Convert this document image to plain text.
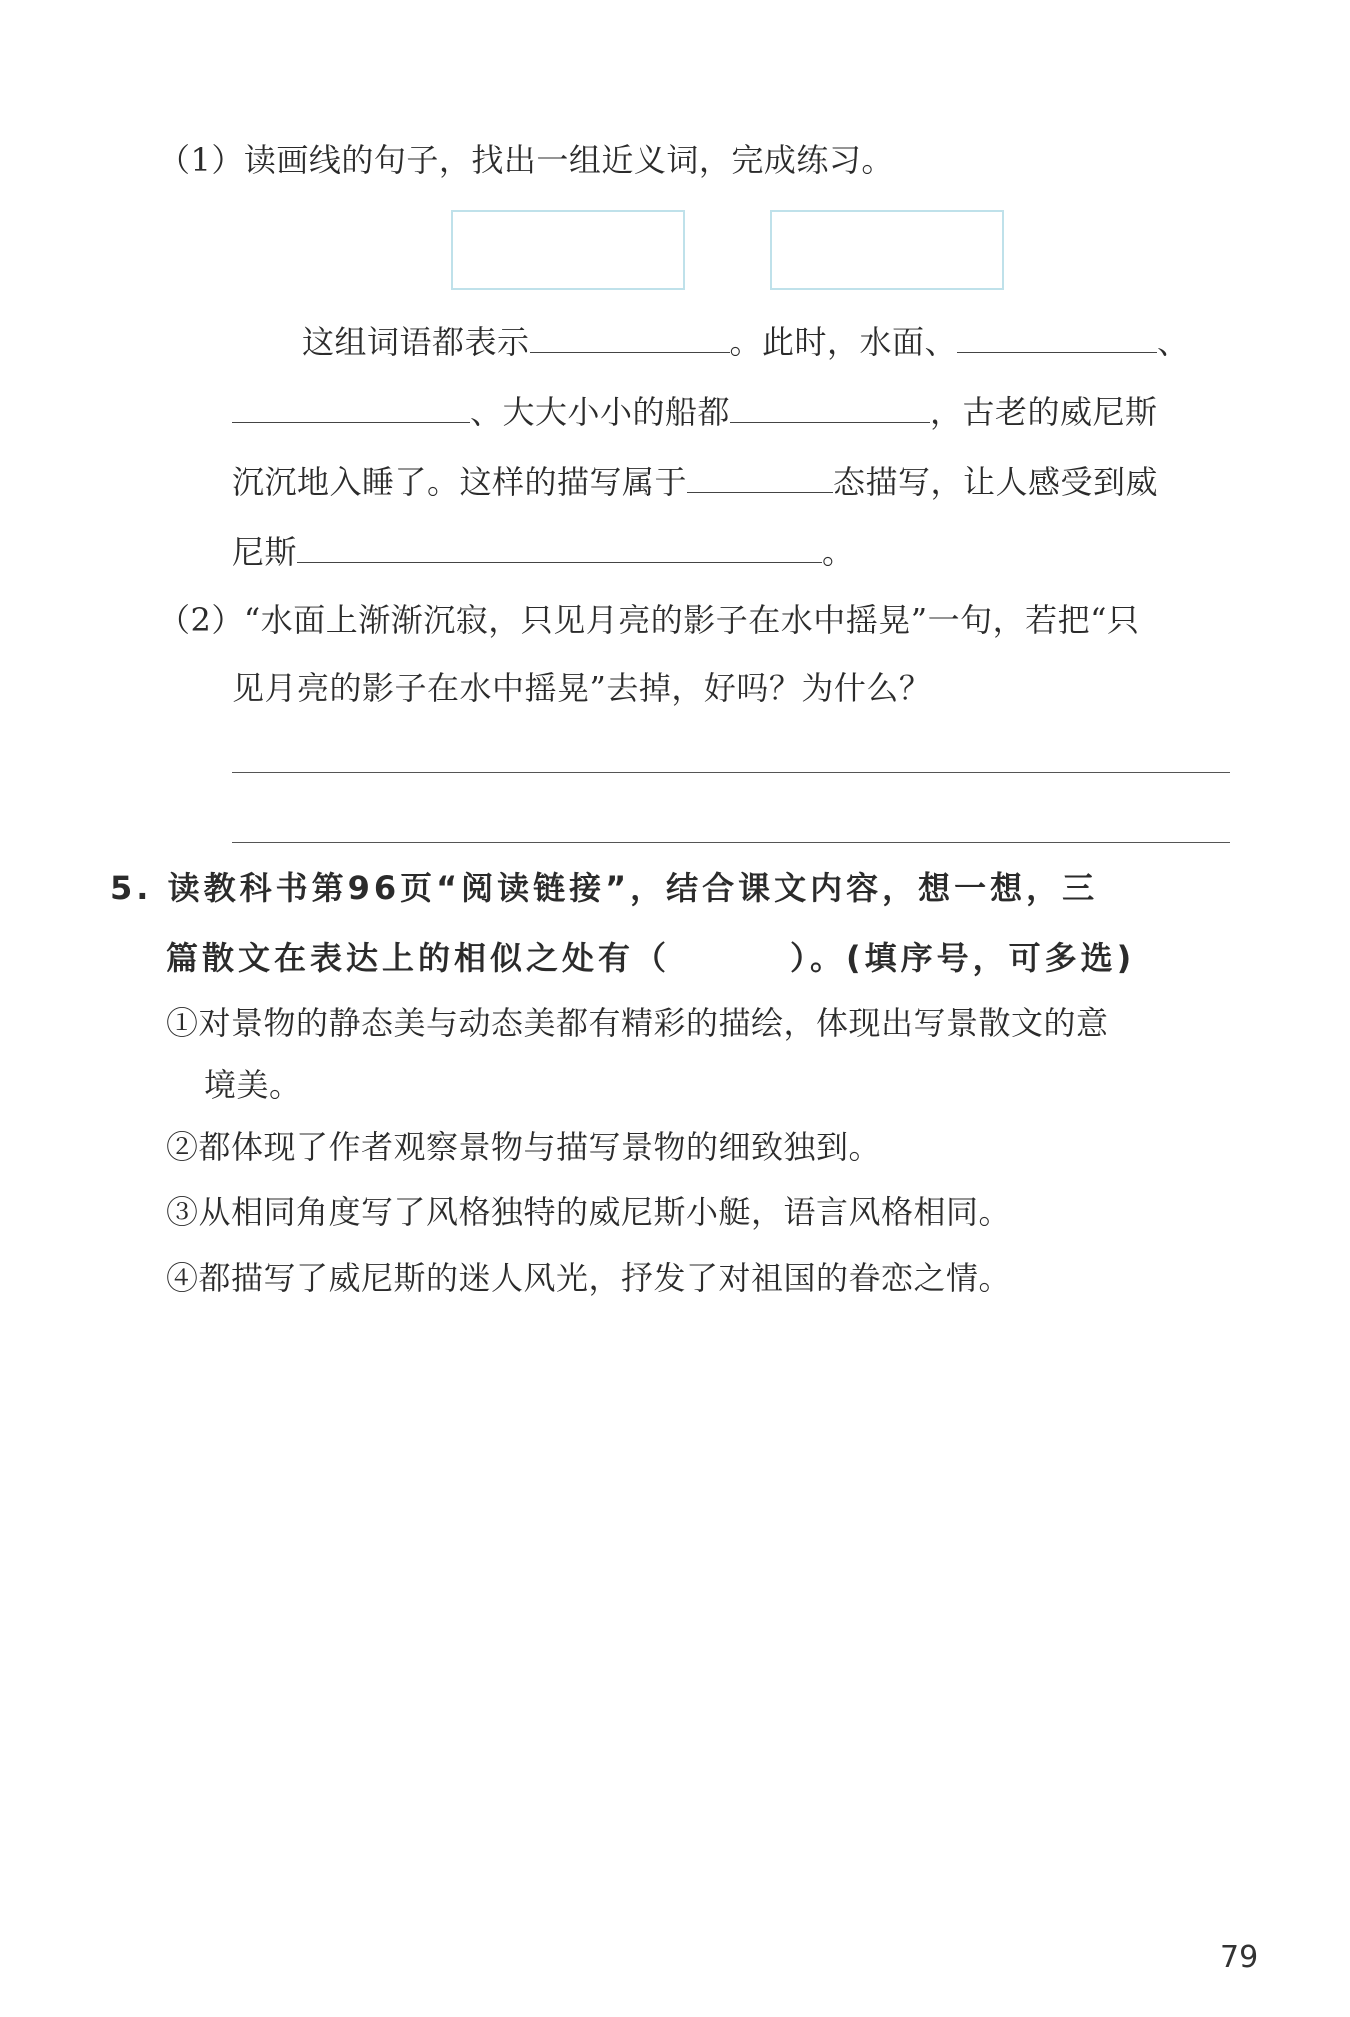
（1）读画线的句子，找出一组近义词，完成练习。
这组词语都表示	。此时，水面、	、
、大大小小的船都	，古老的威尼斯
沉沉地入睡了。这样的描写属于	态描写，让人感受到威
尼斯	。
（2）“水面上渐渐沉寂，只见月亮的影子在水中摇晃”一句，若把“只
见月亮的影子在水中摇晃”去掉，好吗？为什么？
5. 读教科书第96页“阅读链接”，结合课文内容，想一想，三
篇散文在表达上的相似之处有（	）。(填序号，可多选)
①对景物的静态美与动态美都有精彩的描绘，体现出写景散文的意
境美。
②都体现了作者观察景物与描写景物的细致独到。
③从相同角度写了风格独特的威尼斯小艇，语言风格相同。
④都描写了威尼斯的迷人风光，抒发了对祖国的眷恋之情。
79
